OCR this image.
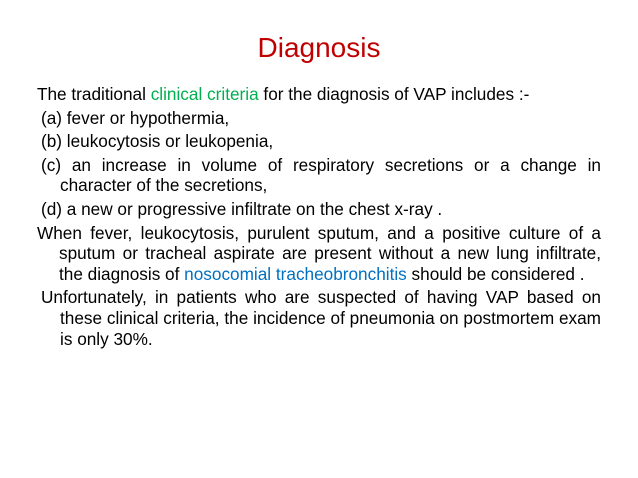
Diagnosis

The traditional clinical criteria for the diagnosis of VAP includes :-

(a) fever or hypothermia,

(b) leukocytosis or leukopenia,

(c) an increase in volume of respiratory secretions or a change in character of the secretions,

(d) a new or progressive infiltrate on the chest x-ray .

When fever, leukocytosis, purulent sputum, and a positive culture of a sputum or tracheal aspirate are present without a new lung infiltrate, the diagnosis of nosocomial tracheobronchitis should be considered .

Unfortunately, in patients who are suspected of having VAP based on these clinical criteria, the incidence of pneumonia on postmortem exam is only 30%.
